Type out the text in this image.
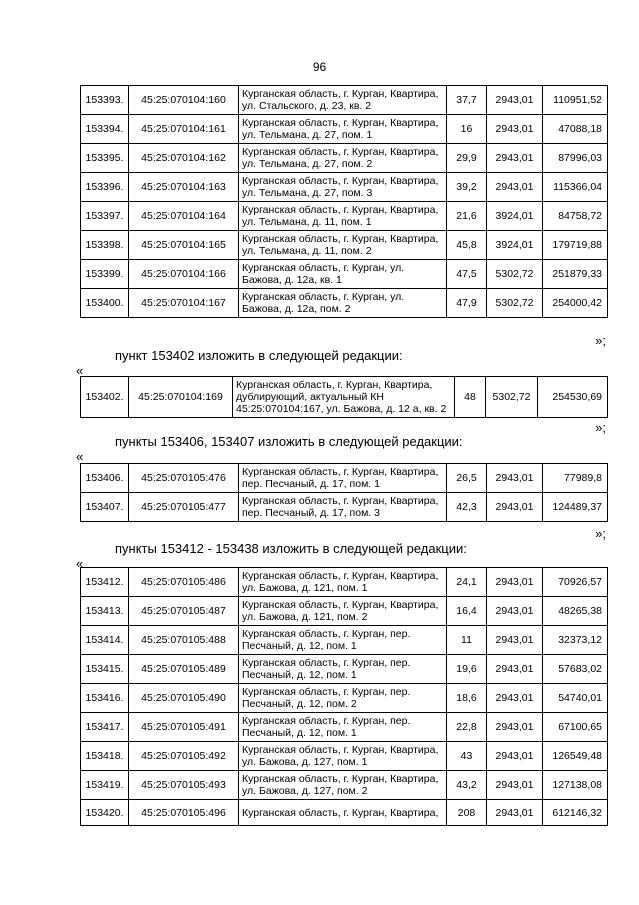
96
153393.	45:25:070104:160	Курганская область, г. Курган, Квартира, ул. Стальского, д. 23, кв. 2	37,7	2943,01	110951,52
153394.	45:25:070104:161	Курганская область, г. Курган, Квартира, ул. Тельмана, д. 27, пом. 1	16	2943,01	47088,18
153395.	45:25:070104:162	Курганская область, г. Курган, Квартира, ул. Тельмана, д. 27, пом. 2	29,9	2943,01	87996,03
153396.	45:25:070104:163	Курганская область, г. Курган, Квартира, ул. Тельмана, д. 27, пом. 3	39,2	2943,01	115366,04
153397.	45:25:070104:164	Курганская область, г. Курган, Квартира, ул. Тельмана, д. 11, пом. 1	21,6	3924,01	84758,72
153398.	45:25:070104:165	Курганская область, г. Курган, Квартира, ул. Тельмана, д. 11, пом. 2	45,8	3924,01	179719,88
153399.	45:25:070104:166	Курганская область, г. Курган, ул. Бажова, д. 12а, кв. 1	47,5	5302,72	251879,33
153400.	45:25:070104:167	Курганская область, г. Курган, ул. Бажова, д. 12а, пом. 2	47,9	5302,72	254000,42
»;
пункт 153402 изложить в следующей редакции:
«
153402.	45:25:070104:169	Курганская область, г. Курган, Квартира, дублирующий, актуальный КН 45:25:070104:167, ул. Бажова, д. 12 а, кв. 2	48	5302,72	254530,69
»;
пункты 153406, 153407 изложить в следующей редакции:
«
153406.	45:25:070105:476	Курганская область, г. Курган, Квартира, пер. Песчаный, д. 17, пом. 1	26,5	2943,01	77989,8
153407.	45:25:070105:477	Курганская область, г. Курган, Квартира, пер. Песчаный, д. 17, пом. 3	42,3	2943,01	124489,37
»;
пункты 153412 - 153438 изложить в следующей редакции:
«
153412.	45:25:070105:486	Курганская область, г. Курган, Квартира, ул. Бажова, д. 121, пом. 1	24,1	2943,01	70926,57
153413.	45:25:070105:487	Курганская область, г. Курган, Квартира, ул. Бажова, д. 121, пом. 2	16,4	2943,01	48265,38
153414.	45:25:070105:488	Курганская область, г. Курган, пер. Песчаный, д. 12, пом. 1	11	2943,01	32373,12
153415.	45:25:070105:489	Курганская область, г. Курган, пер. Песчаный, д. 12, пом. 1	19,6	2943,01	57683,02
153416.	45:25:070105:490	Курганская область, г. Курган, пер. Песчаный, д. 12, пом. 2	18,6	2943,01	54740,01
153417.	45:25:070105:491	Курганская область, г. Курган, пер. Песчаный, д. 12, пом. 1	22,8	2943,01	67100,65
153418.	45:25:070105:492	Курганская область, г. Курган, Квартира, ул. Бажова, д. 127, пом. 1	43	2943,01	126549,48
153419.	45:25:070105:493	Курганская область, г. Курган, Квартира, ул. Бажова, д. 127, пом. 2	43,2	2943,01	127138,08
153420.	45:25:070105:496	Курганская область, г. Курган, Квартира,	208	2943,01	612146,32
